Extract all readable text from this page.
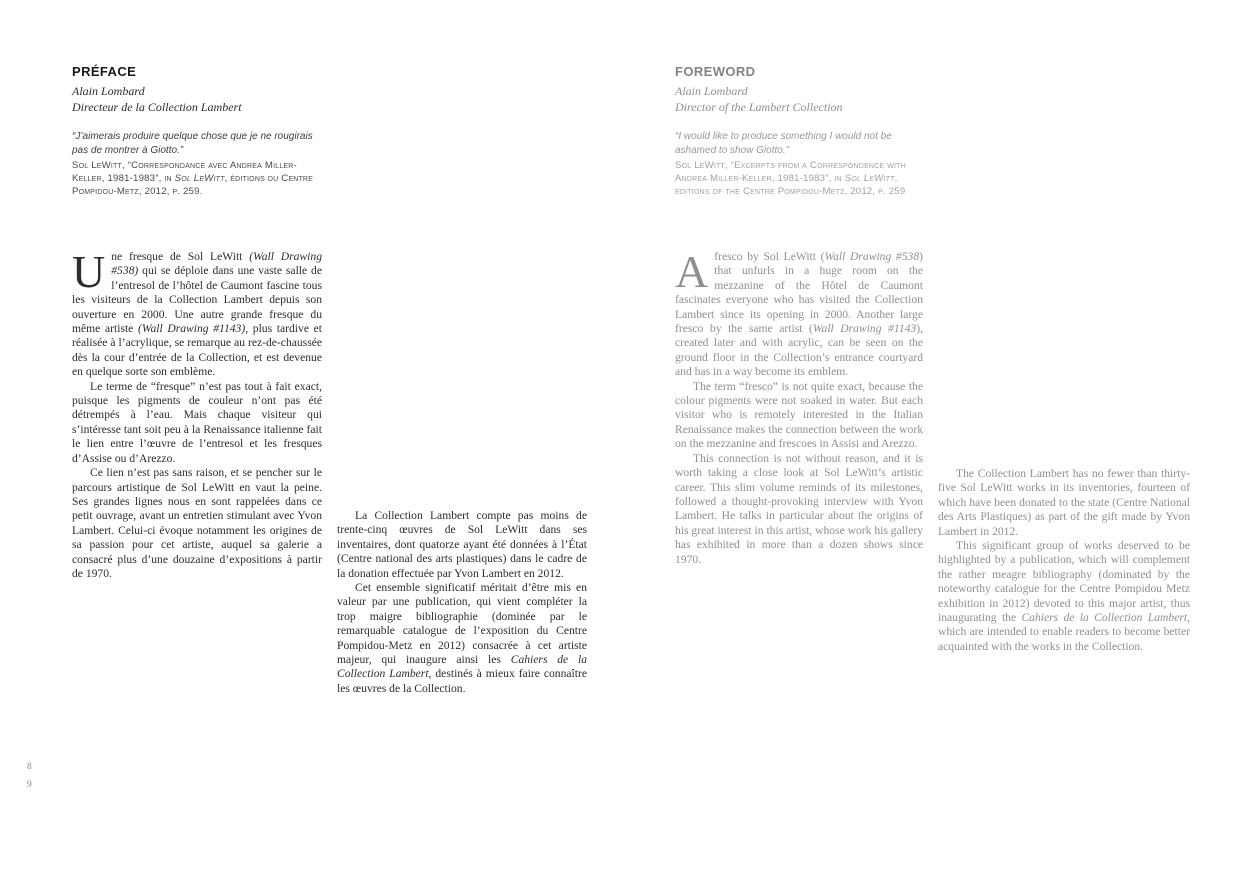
PRÉFACE
Alain Lombard
Directeur de la Collection Lambert
“J’aimerais produire quelque chose que je ne rougirais pas de montrer à Giotto.”
Sol LeWitt, “Correspondance avec Andrea Miller-Keller, 1981-1983”, in Sol LeWitt, éditions du Centre Pompidou-Metz, 2012, p. 259.

Une fresque de Sol LeWitt (Wall Drawing #538) qui se déploie dans une vaste salle de l’entresol de l’hôtel de Caumont fascine tous les visiteurs de la Collection Lambert depuis son ouverture en 2000. Une autre grande fresque du même artiste (Wall Drawing #1143), plus tardive et réalisée à l’acrylique, se remarque au rez-de-chaussée dès la cour d’entrée de la Collection, et est devenue en quelque sorte son emblème.

Le terme de “fresque” n’est pas tout à fait exact, puisque les pigments de couleur n’ont pas été détrempés à l’eau. Mais chaque visiteur qui s’intéresse tant soit peu à la Renaissance italienne fait le lien entre l’œuvre de l’entresol et les fresques d’Assise ou d’Arezzo.

Ce lien n’est pas sans raison, et se pencher sur le parcours artistique de Sol LeWitt en vaut la peine. Ses grandes lignes nous en sont rappelées dans ce petit ouvrage, avant un entretien stimulant avec Yvon Lambert. Celui-ci évoque notamment les origines de sa passion pour cet artiste, auquel sa galerie a consacré plus d’une douzaine d’expositions à partir de 1970.

La Collection Lambert compte pas moins de trente-cinq œuvres de Sol LeWitt dans ses inventaires, dont quatorze ayant été données à l’État (Centre national des arts plastiques) dans le cadre de la donation effectuée par Yvon Lambert en 2012.

Cet ensemble significatif méritait d’être mis en valeur par une publication, qui vient compléter la trop maigre bibliographie (dominée par le remarquable catalogue de l’exposition du Centre Pompidou-Metz en 2012) consacrée à cet artiste majeur, qui inaugure ainsi les Cahiers de la Collection Lambert, destinés à mieux faire connaître les œuvres de la Collection.

FOREWORD
Alain Lombard
Director of the Lambert Collection
“I would like to produce something I would not be ashamed to show Giotto.”
Sol LeWitt, “Excerpts from a Correspondence with Andrea Miller-Keller, 1981-1983”, in Sol LeWitt, editions of the Centre Pompidou-Metz, 2012, p. 259

A fresco by Sol LeWitt (Wall Drawing #538) that unfurls in a huge room on the mezzanine of the Hôtel de Caumont fascinates everyone who has visited the Collection Lambert since its opening in 2000. Another large fresco by the same artist (Wall Drawing #1143), created later and with acrylic, can be seen on the ground floor in the Collection’s entrance courtyard and has in a way become its emblem.

The term “fresco” is not quite exact, because the colour pigments were not soaked in water. But each visitor who is remotely interested in the Italian Renaissance makes the connection between the work on the mezzanine and frescoes in Assisi and Arezzo.

This connection is not without reason, and it is worth taking a close look at Sol LeWitt’s artistic career. This slim volume reminds of its milestones, followed a thought-provoking interview with Yvon Lambert. He talks in particular about the origins of his great interest in this artist, whose work his gallery has exhibited in more than a dozen shows since 1970.

The Collection Lambert has no fewer than thirty-five Sol LeWitt works in its inventories, fourteen of which have been donated to the state (Centre National des Arts Plastiques) as part of the gift made by Yvon Lambert in 2012.

This significant group of works deserved to be highlighted by a publication, which will complement the rather meagre bibliography (dominated by the noteworthy catalogue for the Centre Pompidou Metz exhibition in 2012) devoted to this major artist, thus inaugurating the Cahiers de la Collection Lambert, which are intended to enable readers to become better acquainted with the works in the Collection.

8
9
